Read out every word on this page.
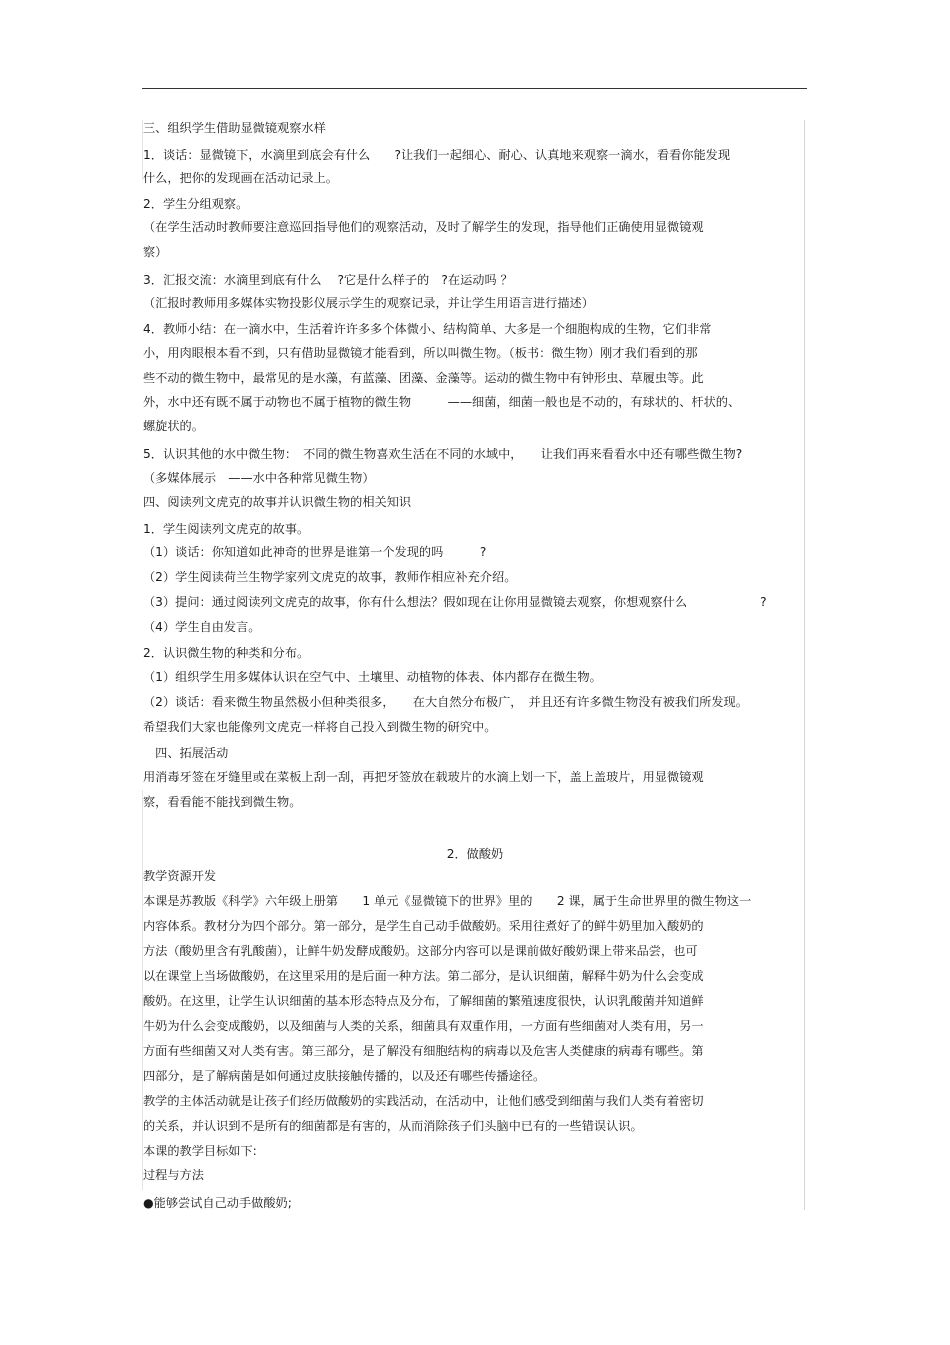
三、组织学生借助显微镜观察水样
1．谈话：显微镜下，水滴里到底会有什么　　?让我们一起细心、耐心、认真地来观察一滴水，看看你能发现
什么，把你的发现画在活动记录上。
2．学生分组观察。
（在学生活动时教师要注意巡回指导他们的观察活动，及时了解学生的发现，指导他们正确使用显微镜观
察）
3．汇报交流：水滴里到底有什么　 ?它是什么样子的　?在运动吗 ？
（汇报时教师用多媒体实物投影仪展示学生的观察记录，并让学生用语言进行描述）
4．教师小结：在一滴水中，生活着许许多多个体微小、结构简单、大多是一个细胞构成的生物，它们非常
小，用肉眼根本看不到，只有借助显微镜才能看到，所以叫微生物。（板书：微生物）刚才我们看到的那
些不动的微生物中，最常见的是水藻，有蓝藻、团藻、金藻等。运动的微生物中有钟形虫、草履虫等。此
外，水中还有既不属于动物也不属于植物的微生物　　　——细菌，细菌一般也是不动的，有球状的、杆状的、
螺旋状的。
5．认识其他的水中微生物：　不同的微生物喜欢生活在不同的水域中，　　让我们再来看看水中还有哪些微生物?
（多媒体展示　——水中各种常见微生物）
四、阅读列文虎克的故事并认识微生物的相关知识
1．学生阅读列文虎克的故事。
（1）谈话：你知道如此神奇的世界是谁第一个发现的吗　　　?
（2）学生阅读荷兰生物学家列文虎克的故事，教师作相应补充介绍。
（3）提问：通过阅读列文虎克的故事，你有什么想法？假如现在让你用显微镜去观察，你想观察什么　　　　　　?
（4）学生自由发言。
2．认识微生物的种类和分布。
（1）组织学生用多媒体认识在空气中、土壤里、动植物的体表、体内都存在微生物。
（2）谈话：看来微生物虽然极小但种类很多，　　在大自然分布极广，　并且还有许多微生物没有被我们所发现。
希望我们大家也能像列文虎克一样将自己投入到微生物的研究中。
　四、拓展活动
用消毒牙签在牙缝里或在菜板上刮一刮，再把牙签放在载玻片的水滴上划一下，盖上盖玻片，用显微镜观
察，看看能不能找到微生物。
2．做酸奶
教学资源开发
本课是苏教版《科学》六年级上册第　　1 单元《显微镜下的世界》里的　　2 课，属于生命世界里的微生物这一
内容体系。教材分为四个部分。第一部分，是学生自己动手做酸奶。采用往煮好了的鲜牛奶里加入酸奶的
方法（酸奶里含有乳酸菌），让鲜牛奶发酵成酸奶。这部分内容可以是课前做好酸奶课上带来品尝，也可
以在课堂上当场做酸奶，在这里采用的是后面一种方法。第二部分，是认识细菌，解释牛奶为什么会变成
酸奶。在这里，让学生认识细菌的基本形态特点及分布，了解细菌的繁殖速度很快，认识乳酸菌并知道鲜
牛奶为什么会变成酸奶，以及细菌与人类的关系，细菌具有双重作用，一方面有些细菌对人类有用，另一
方面有些细菌又对人类有害。第三部分，是了解没有细胞结构的病毒以及危害人类健康的病毒有哪些。第
四部分，是了解病菌是如何通过皮肤接触传播的，以及还有哪些传播途径。
教学的主体活动就是让孩子们经历做酸奶的实践活动，在活动中，让他们感受到细菌与我们人类有着密切
的关系，并认识到不是所有的细菌都是有害的，从而消除孩子们头脑中已有的一些错误认识。
本课的教学目标如下:
过程与方法
●能够尝试自己动手做酸奶;
